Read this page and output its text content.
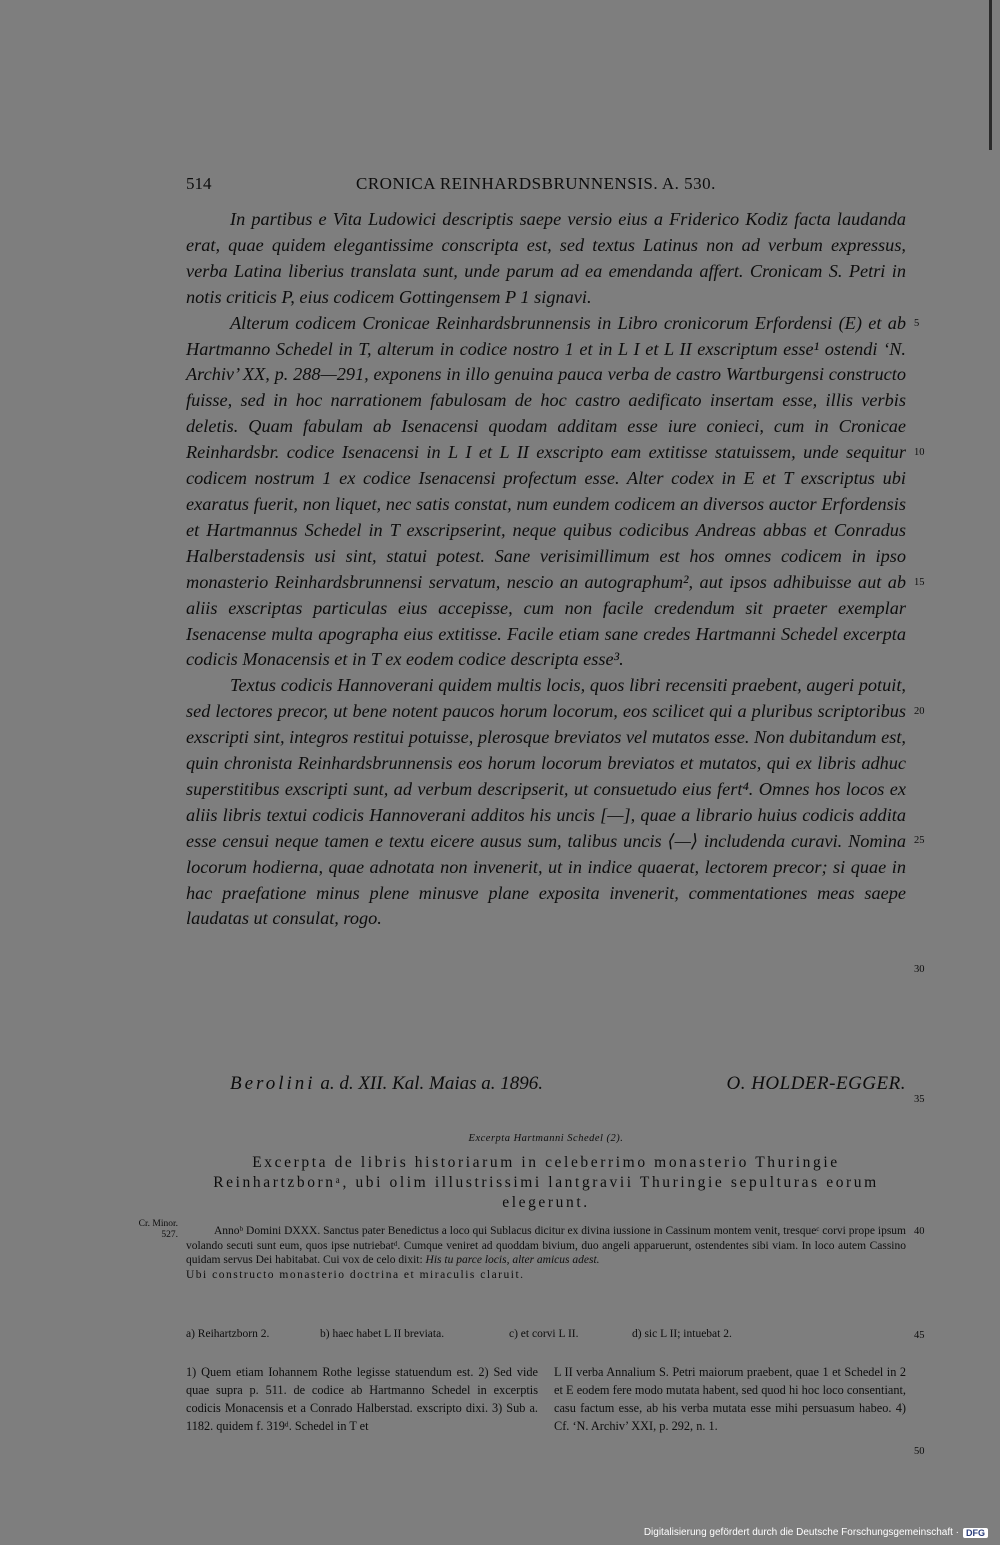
514	CRONICA REINHARDSBRUNNENSIS. A. 530.

In partibus e Vita Ludowici descriptis saepe versio eius a Friderico Kodiz facta laudanda erat, quae quidem elegantissime conscripta est, sed textus Latinus non ad verbum expressus, verba Latina liberius translata sunt, unde parum ad ea emendanda affert. Cronicam S. Petri in notis criticis P, eius codicem Gottingensem P 1 signavi.

Alterum codicem Cronicae Reinhardsbrunnensis in Libro cronicorum Erfordensi (E) et ab Hartmanno Schedel in T, alterum in codice nostro 1 et in L I et L II exscriptum esse¹ ostendi ‘N. Archiv’ XX, p. 288—291, exponens in illo genuina pauca verba de castro Wartburgensi constructo fuisse, sed in hoc narrationem fabulosam de hoc castro aedificato insertam esse, illis verbis deletis. Quam fabulam ab Isenacensi quodam additam esse iure conieci, cum in Cronicae Reinhardsbr. codice Isenacensi in L I et L II exscripto eam extitisse statuissem, unde sequitur codicem nostrum 1 ex codice Isenacensi profectum esse. Alter codex in E et T exscriptus ubi exaratus fuerit, non liquet, nec satis constat, num eundem codicem an diversos auctor Erfordensis et Hartmannus Schedel in T exscripserint, neque quibus codicibus Andreas abbas et Conradus Halberstadensis usi sint, statui potest. Sane verisimillimum est hos omnes codicem in ipso monasterio Reinhardsbrunnensi servatum, nescio an autographum², aut ipsos adhibuisse aut ab aliis exscriptas particulas eius accepisse, cum non facile credendum sit praeter exemplar Isenacense multa apographa eius extitisse. Facile etiam sane credes Hartmanni Schedel excerpta codicis Monacensis et in T ex eodem codice descripta esse³.

Textus codicis Hannoverani quidem multis locis, quos libri recensiti praebent, augeri potuit, sed lectores precor, ut bene notent paucos horum locorum, eos scilicet qui a pluribus scriptoribus exscripti sint, integros restitui potuisse, plerosque breviatos vel mutatos esse. Non dubitandum est, quin chronista Reinhardsbrunnensis eos horum locorum breviatos et mutatos, qui ex libris adhuc superstitibus exscripti sunt, ad verbum descripserit, ut consuetudo eius fert⁴. Omnes hos locos ex aliis libris textui codicis Hannoverani additos his uncis [—], quae a librario huius codicis addita esse censui neque tamen e textu eicere ausus sum, talibus uncis ⟨—⟩ includenda curavi. Nomina locorum hodierna, quae adnotata non invenerit, ut in indice quaerat, lectorem precor; si quae in hac praefatione minus plene minusve plane exposita invenerit, commentationes meas saepe laudatas ut consulat, rogo.

Berolini a. d. XII. Kal. Maias a. 1896.	O. HOLDER-EGGER.
5
10
15
20
25
30
35
40
45
50
Excerpta Hartmanni Schedel (2).
Excerpta de libris historiarum in celeberrimo monasterio Thuringie Reinhartzbornᵃ, ubi olim illustrissimi lantgravii Thuringie sepulturas eorum elegerunt.
Cr. Minor.
527.	Annoᵇ Domini DXXX. Sanctus pater Benedictus a loco qui Sublacus dicitur ex divina iussione in Cassinum montem venit, tresqueᶜ corvi prope ipsum volando secuti sunt eum, quos ipse nutriebatᵈ. Cumque veniret ad quoddam bivium, duo angeli apparuerunt, ostendentes sibi viam. In loco autem Cassino quidam servus Dei habitabat. Cui vox de celo dixit: His tu parce locis, alter amicus adest.

Ubi constructo monasterio doctrina et miraculis claruit.

a) Reihartzborn 2.	b) haec habet L II breviata.	c) et corvi L II.	d) sic L II; intuebat 2.

1) Quem etiam Iohannem Rothe legisse statuendum est. 2) Sed vide quae supra p. 511. de codice ab Hartmanno Schedel in excerptis codicis Monacensis et a Conrado Halberstad. exscripto dixi. 3) Sub a. 1182. quidem f. 319ᵈ. Schedel in T et

L II verba Annalium S. Petri maiorum praebent, quae 1 et Schedel in 2 et E eodem fere modo mutata habent, sed quod hi hoc loco consentiant, casu factum esse, ab his verba mutata esse mihi persuasum habeo. 4) Cf. ‘N. Archiv’ XXI, p. 292, n. 1.

Digitalisierung gefördert durch die Deutsche Forschungsgemeinschaft · DFG
